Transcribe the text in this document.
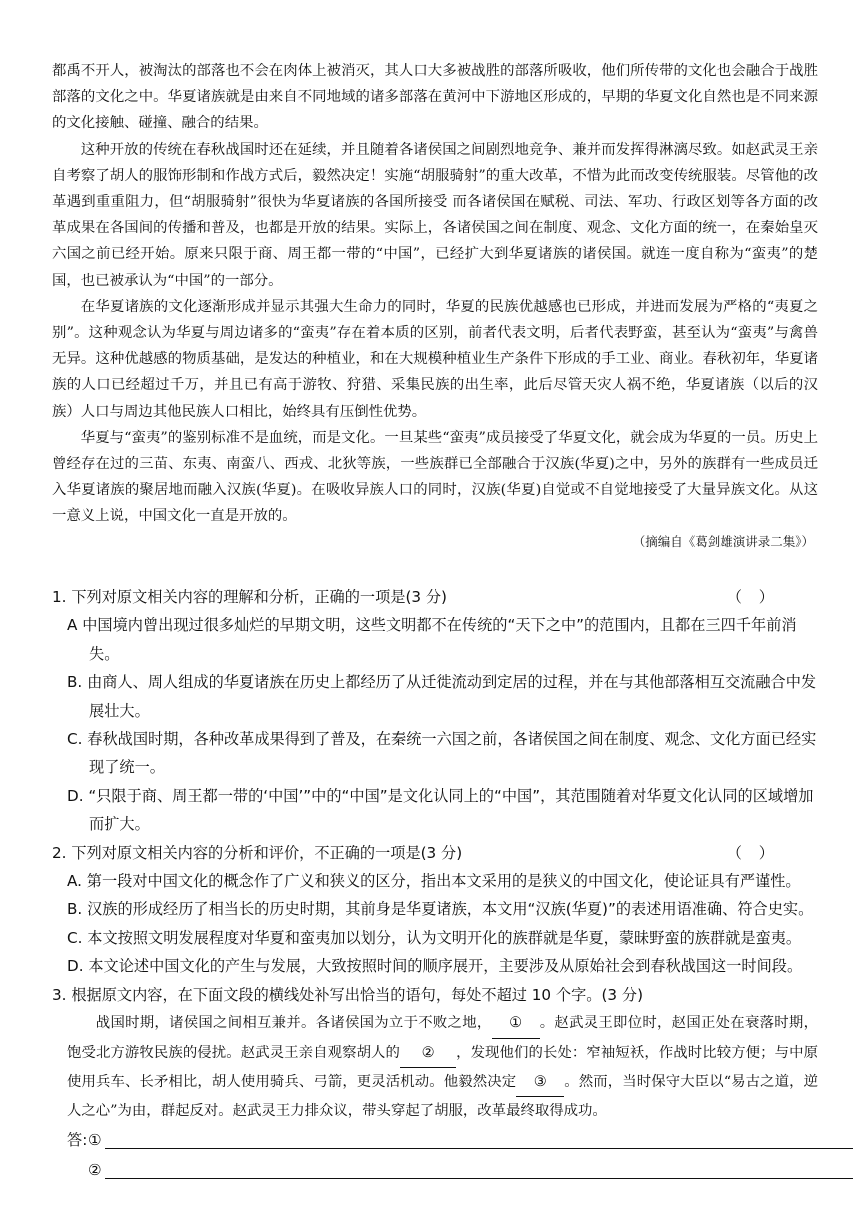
都禹不开人，被淘汰的部落也不会在肉体上被消灭，其人口大多被战胜的部落所吸收，他们所传带的文化也会融合于战胜部落的文化之中。华夏诸族就是由来自不同地域的诸多部落在黄河中下游地区形成的，早期的华夏文化自然也是不同来源的文化接触、碰撞、融合的结果。

这种开放的传统在春秋战国时还在延续，并且随着各诸侯国之间剧烈地竞争、兼并而发挥得淋漓尽致。如赵武灵王亲自考察了胡人的服饰形制和作战方式后，毅然决定！实施“胡服骑射”的重大改革，不惜为此而改变传统服装。尽管他的改革遇到重重阻力，但“胡服骑射”很快为华夏诸族的各国所接受 而各诸侯国在赋税、司法、军功、行政区划等各方面的改革成果在各国间的传播和普及，也都是开放的结果。实际上，各诸侯国之间在制度、观念、文化方面的统一，在秦始皇灭六国之前已经开始。原来只限于商、周王都一带的“中国”，已经扩大到华夏诸族的诸侯国。就连一度自称为“蛮夷”的楚国，也已被承认为“中国”的一部分。

在华夏诸族的文化逐渐形成并显示其强大生命力的同时，华夏的民族优越感也已形成，并进而发展为严格的“夷夏之别”。这种观念认为华夏与周边诸多的“蛮夷”存在着本质的区别，前者代表文明，后者代表野蛮，甚至认为“蛮夷”与禽兽无异。这种优越感的物质基础，是发达的种植业，和在大规模种植业生产条件下形成的手工业、商业。春秋初年，华夏诸族的人口已经超过千万，并且已有高于游牧、狩猎、采集民族的出生率，此后尽管天灾人祸不绝，华夏诸族（以后的汉族）人口与周边其他民族人口相比，始终具有压倒性优势。

华夏与“蛮夷”的鉴别标准不是血统，而是文化。一旦某些“蛮夷”成员接受了华夏文化，就会成为华夏的一员。历史上曾经存在过的三苗、东夷、南蛮八、西戎、北狄等族，一些族群已全部融合于汉族(华夏)之中，另外的族群有一些成员迁入华夏诸族的聚居地而融入汉族(华夏)。在吸收异族人口的同时，汉族(华夏)自觉或不自觉地接受了大量异族文化。从这一意义上说，中国文化一直是开放的。

（摘编自《葛剑雄演讲录二集》）

1. 下列对原文相关内容的理解和分析，正确的一项是(3 分)	（ ）

A 中国境内曾出现过很多灿烂的早期文明，这些文明都不在传统的“天下之中”的范围内，且都在三四千年前消失。

B. 由商人、周人组成的华夏诸族在历史上都经历了从迁徙流动到定居的过程，并在与其他部落相互交流融合中发展壮大。

C. 春秋战国时期，各种改革成果得到了普及，在秦统一六国之前，各诸侯国之间在制度、观念、文化方面已经实现了统一。

D. “只限于商、周王都一带的‘中国’”中的“中国”是文化认同上的“中国”，其范围随着对华夏文化认同的区域增加而扩大。

2. 下列对原文相关内容的分析和评价，不正确的一项是(3 分)	（ ）

A. 第一段对中国文化的概念作了广义和狭义的区分，指出本文采用的是狭义的中国文化，使论证具有严谨性。

B. 汉族的形成经历了相当长的历史时期，其前身是华夏诸族，本文用“汉族(华夏)”的表述用语准确、符合史实。

C. 本文按照文明发展程度对华夏和蛮夷加以划分，认为文明开化的族群就是华夏，蒙昧野蛮的族群就是蛮夷。

D. 本文论述中国文化的产生与发展，大致按照时间的顺序展开，主要涉及从原始社会到春秋战国这一时间段。

3. 根据原文内容，在下面文段的横线处补写出恰当的语句，每处不超过 10 个字。(3 分)

战国时期，诸侯国之间相互兼并。各诸侯国为立于不败之地， ① 。赵武灵王即位时，赵国正处在衰落时期，饱受北方游牧民族的侵扰。赵武灵王亲自观察胡人的 ② ，发现他们的长处：窄袖短袄，作战时比较方便；与中原使用兵车、长矛相比，胡人使用骑兵、弓箭，更灵活机动。他毅然决定 ③ 。然而，当时保守大臣以“易古之道，逆人之心”为由，群起反对。赵武灵王力排众议，带头穿起了胡服，改革最终取得成功。

答: ①
②
